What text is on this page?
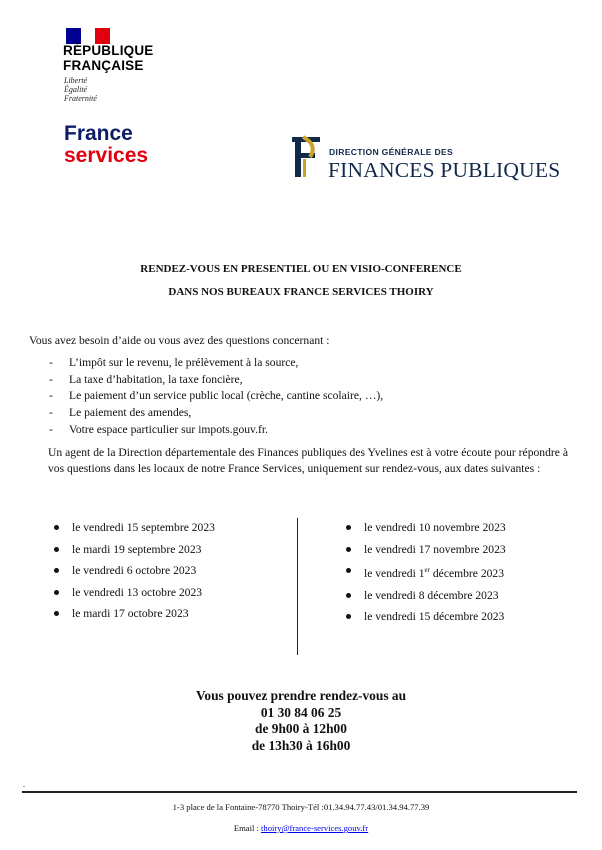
RÉPUBLIQUE
FRANÇAISE
Liberté
Égalité
Fraternité
France
services	DIRECTION GÉNÉRALE DES
FINANCES PUBLIQUES
RENDEZ-VOUS EN PRESENTIEL OU EN VISIO-CONFERENCE
DANS NOS BUREAUX FRANCE SERVICES THOIRY
Vous avez besoin d’aide ou vous avez des questions concernant :
- L’impôt sur le revenu, le prélèvement à la source,
- La taxe d’habitation, la taxe foncière,
- Le paiement d’un service public local (crèche, cantine scolaire, …),
- Le paiement des amendes,
- Votre espace particulier sur impots.gouv.fr.
Un agent de la Direction départementale des Finances publiques des Yvelines est à votre écoute pour répondre à vos questions dans les locaux de notre France Services, uniquement sur rendez-vous, aux dates suivantes :
le vendredi 15 septembre 2023
le mardi 19 septembre 2023
le vendredi 6 octobre 2023
le vendredi 13 octobre 2023
le mardi 17 octobre 2023
le vendredi 10 novembre 2023
le vendredi 17 novembre 2023
le vendredi 1er décembre 2023
le vendredi 8 décembre 2023
le vendredi 15 décembre 2023
Vous pouvez prendre rendez-vous au
01 30 84 06 25
de 9h00 à 12h00
de 13h30 à 16h00
.
1-3 place de la Fontaine-78770 Thoiry-Tél :01.34.94.77.43/01.34.94.77.39
Email : thoiry@france-services.gouv.fr
